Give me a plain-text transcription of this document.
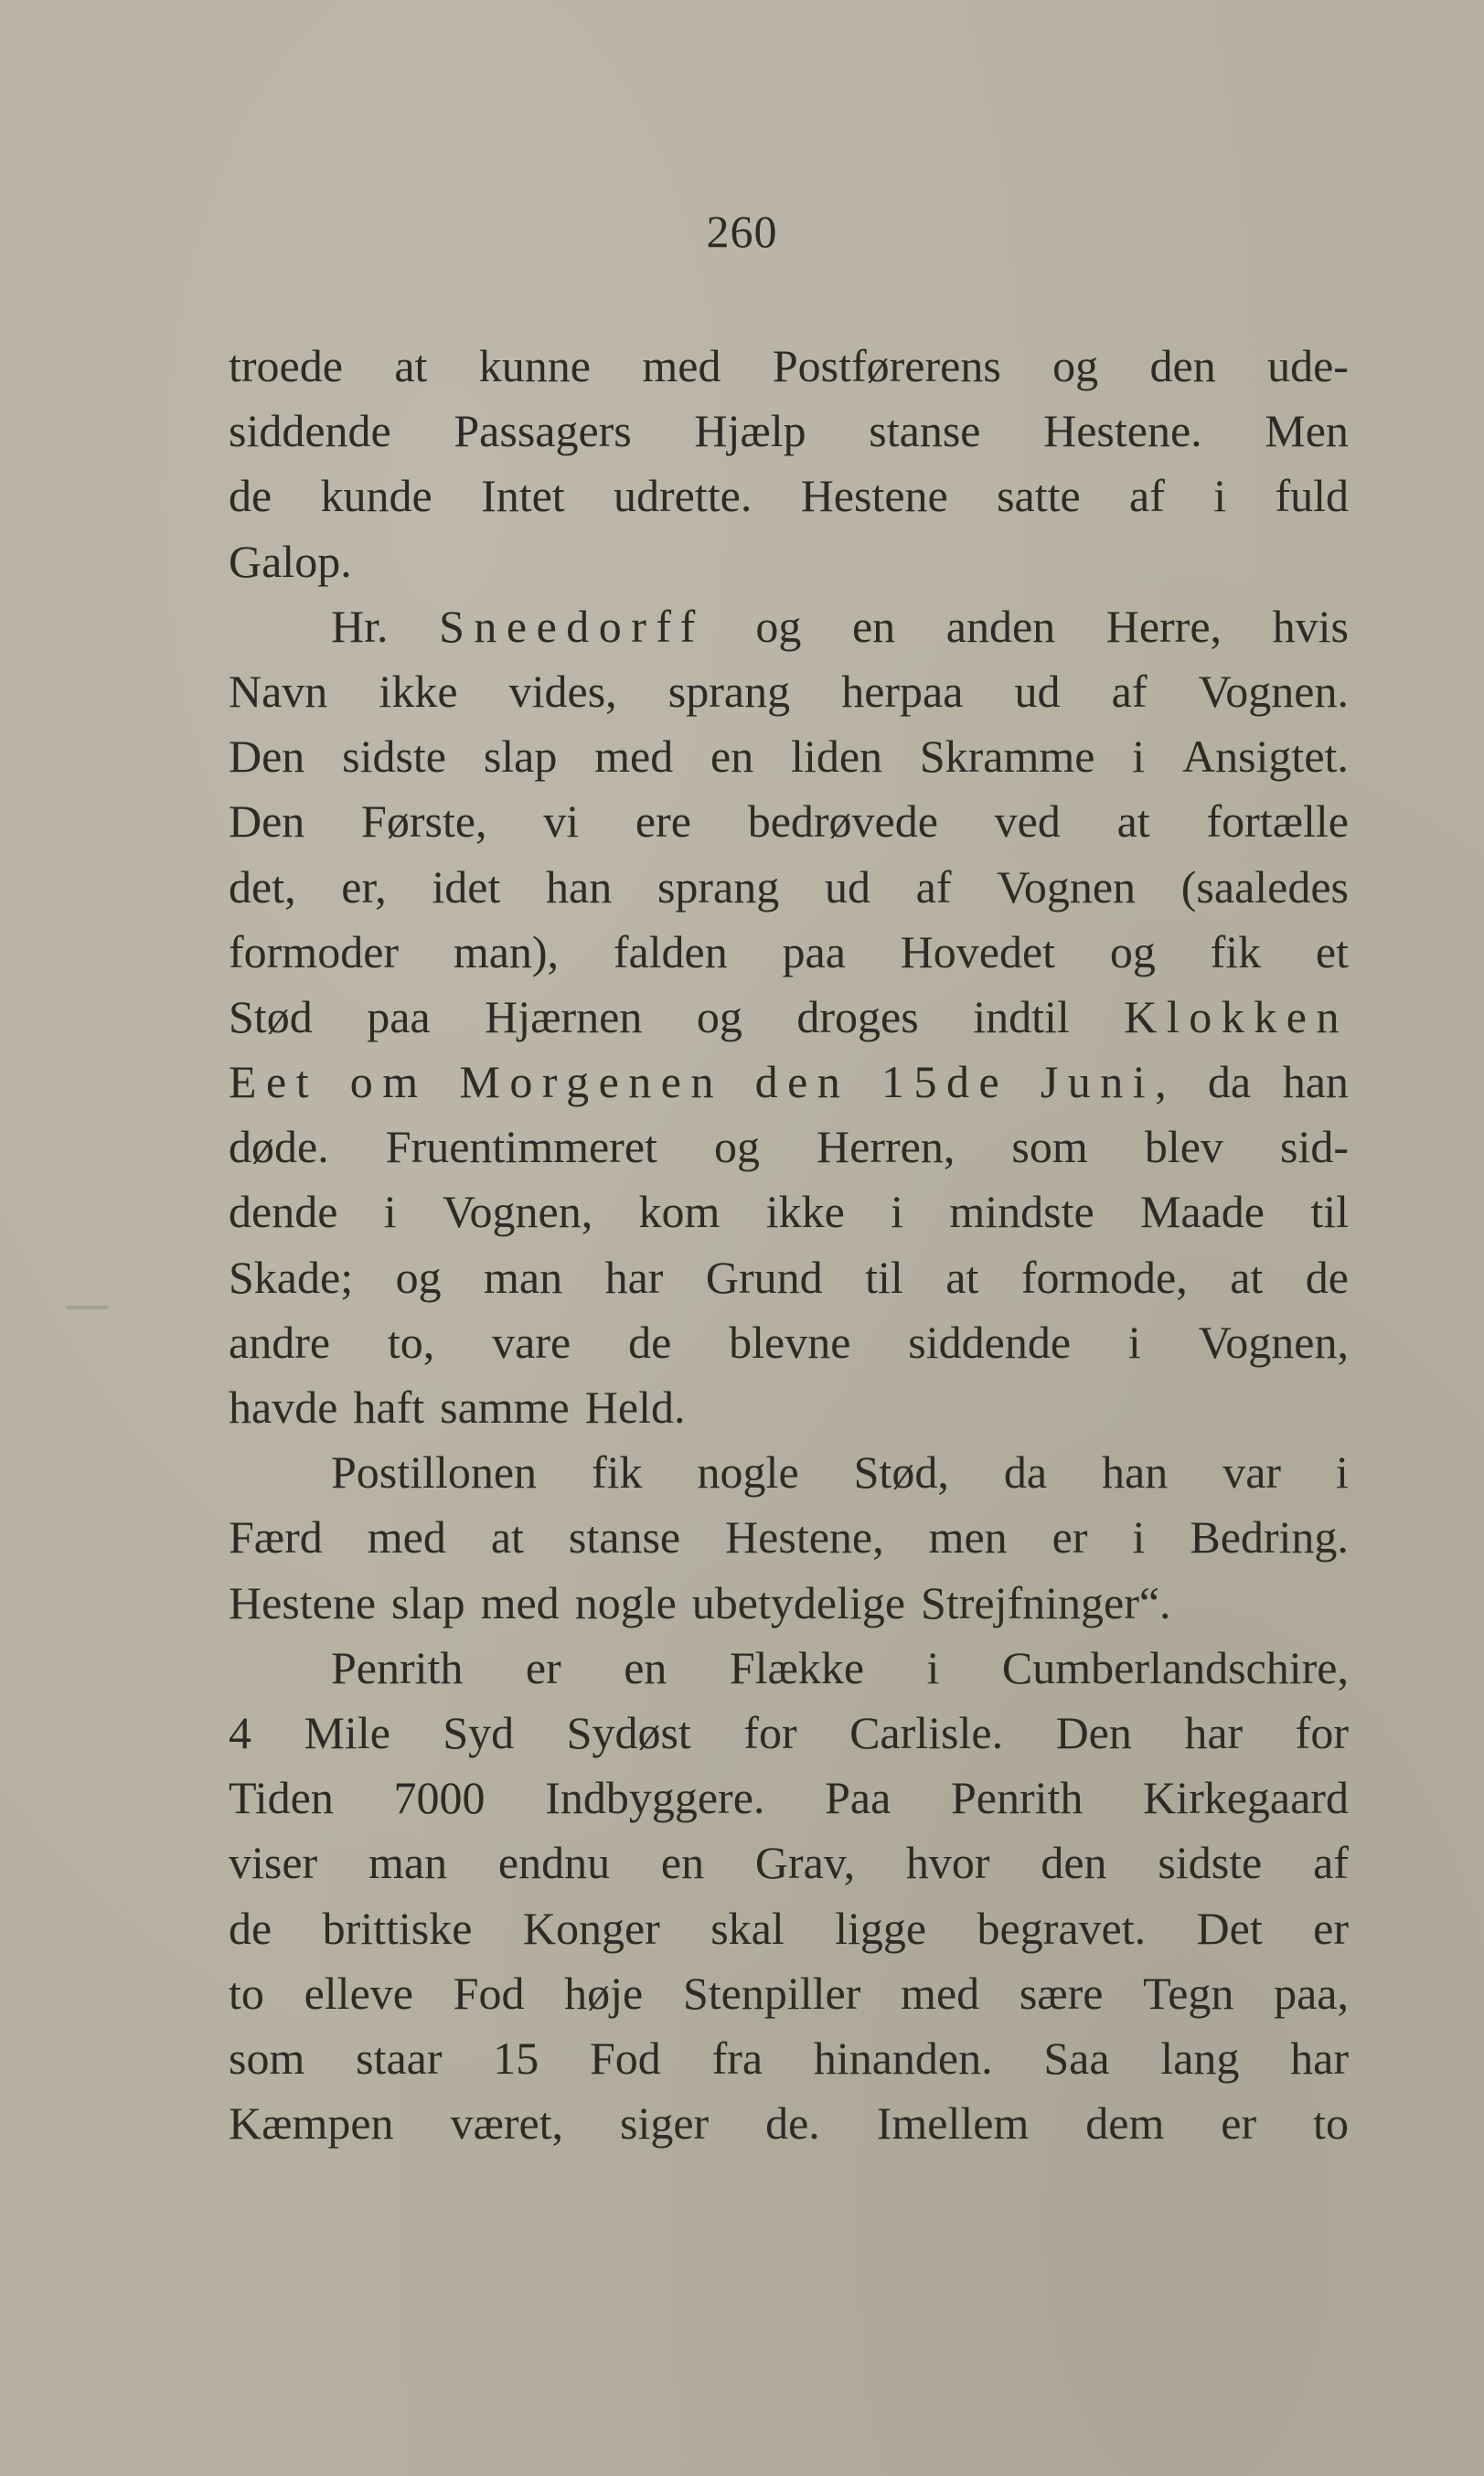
260
troede at kunne med Postførerens og den ude-
siddende Passagers Hjælp stanse Hestene. Men
de kunde Intet udrette. Hestene satte af i fuld
Galop.
Hr. Sneedorff og en anden Herre, hvis
Navn ikke vides, sprang herpaa ud af Vognen.
Den sidste slap med en liden Skramme i Ansigtet.
Den Første, vi ere bedrøvede ved at fortælle
det, er, idet han sprang ud af Vognen (saaledes
formoder man), falden paa Hovedet og fik et
Stød paa Hjærnen og droges indtil Klokken
Eet om Morgenen den 15de Juni, da han
døde. Fruentimmeret og Herren, som blev sid-
dende i Vognen, kom ikke i mindste Maade til
Skade; og man har Grund til at formode, at de
andre to, vare de blevne siddende i Vognen,
havde haft samme Held.
Postillonen fik nogle Stød, da han var i
Færd med at stanse Hestene, men er i Bedring.
Hestene slap med nogle ubetydelige Strejfninger“.
Penrith er en Flække i Cumberlandschire,
4 Mile Syd Sydøst for Carlisle. Den har for
Tiden 7000 Indbyggere. Paa Penrith Kirkegaard
viser man endnu en Grav, hvor den sidste af
de brittiske Konger skal ligge begravet. Det er
to elleve Fod høje Stenpiller med sære Tegn paa,
som staar 15 Fod fra hinanden. Saa lang har
Kæmpen været, siger de. Imellem dem er to
